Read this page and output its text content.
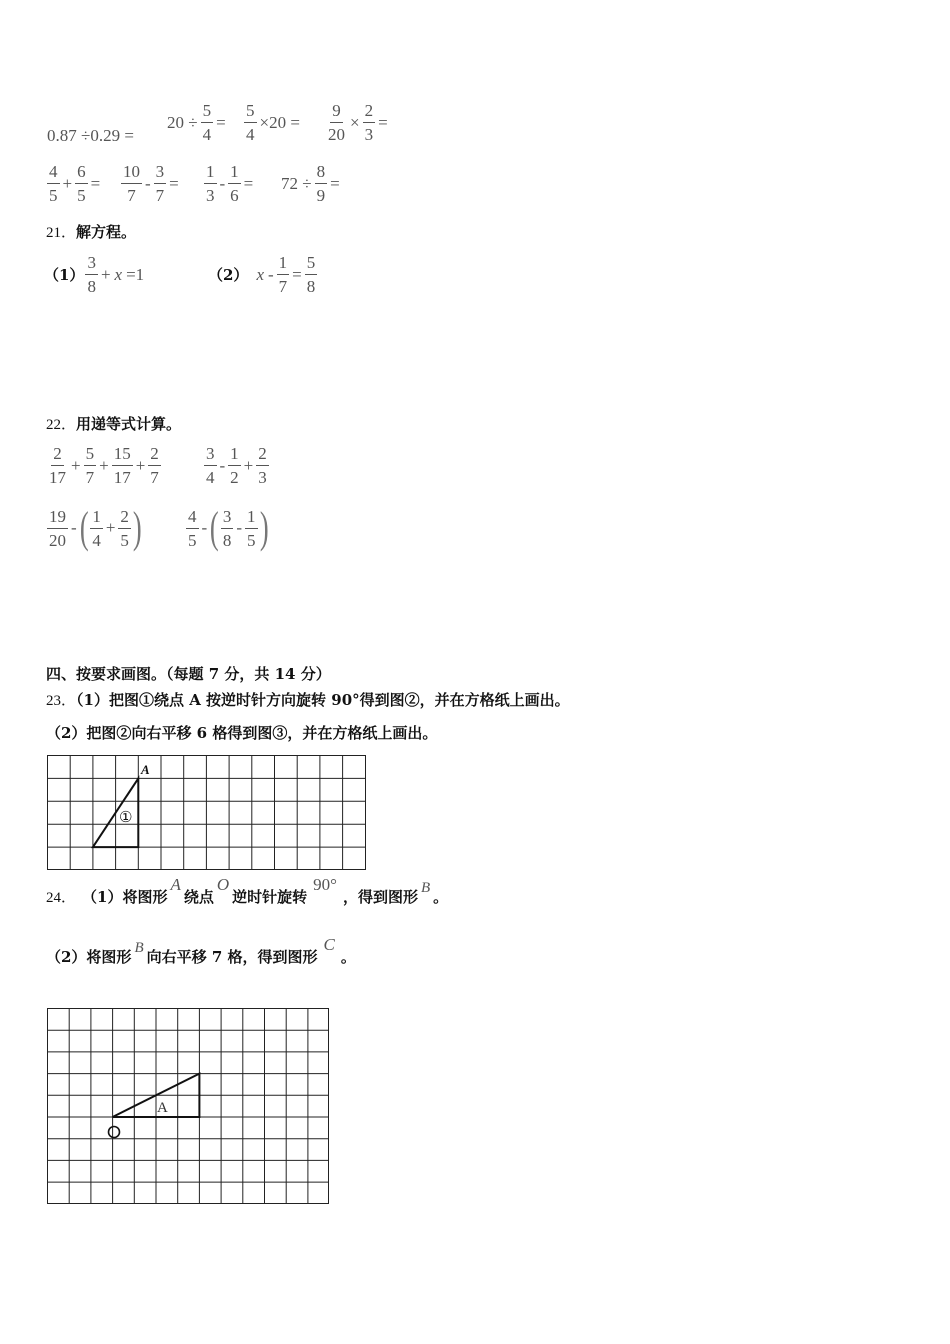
0.87 ÷0.29 =
$20 \div \frac{5}{4} = \frac{5}{4} \times 20 = \frac{9}{20} \times \frac{2}{3}$ =
$\frac{4}{5} + \frac{6}{5} = \frac{10}{7} - \frac{3}{7} = \frac{1}{3} - \frac{1}{6} = 72 \div \frac{8}{9}$ =
21．解方程。
$(1) \frac{3}{8} + x =1$	（2） $x - \frac{1}{7} = \frac{5}{8}$
22．用递等式计算。
$\frac{2}{17} + \frac{5}{7} + \frac{15}{17} + \frac{2}{7}$	$\frac{3}{4} - \frac{1}{2} + \frac{2}{3}$
$\frac{19}{20}$ - ( $\frac{1}{4} + \frac{2}{5}$ )	$\frac{4}{5}$ - ( $\frac{3}{8} - \frac{1}{5}$ )
四、按要求画图。（每题 7 分，共 14 分）
23．（1）把图①绕点 A 按逆时针方向旋转 90°得到图②，并在方格纸上画出。
（2）把图②向右平移 6 格得到图③，并在方格纸上画出。
A
①
24． （1）将图形
A
绕点
O
逆时针旋转
90°
，得到图形 B 。
（2）将图形 B 向右平移 7 格，得到图形
C
。
A
